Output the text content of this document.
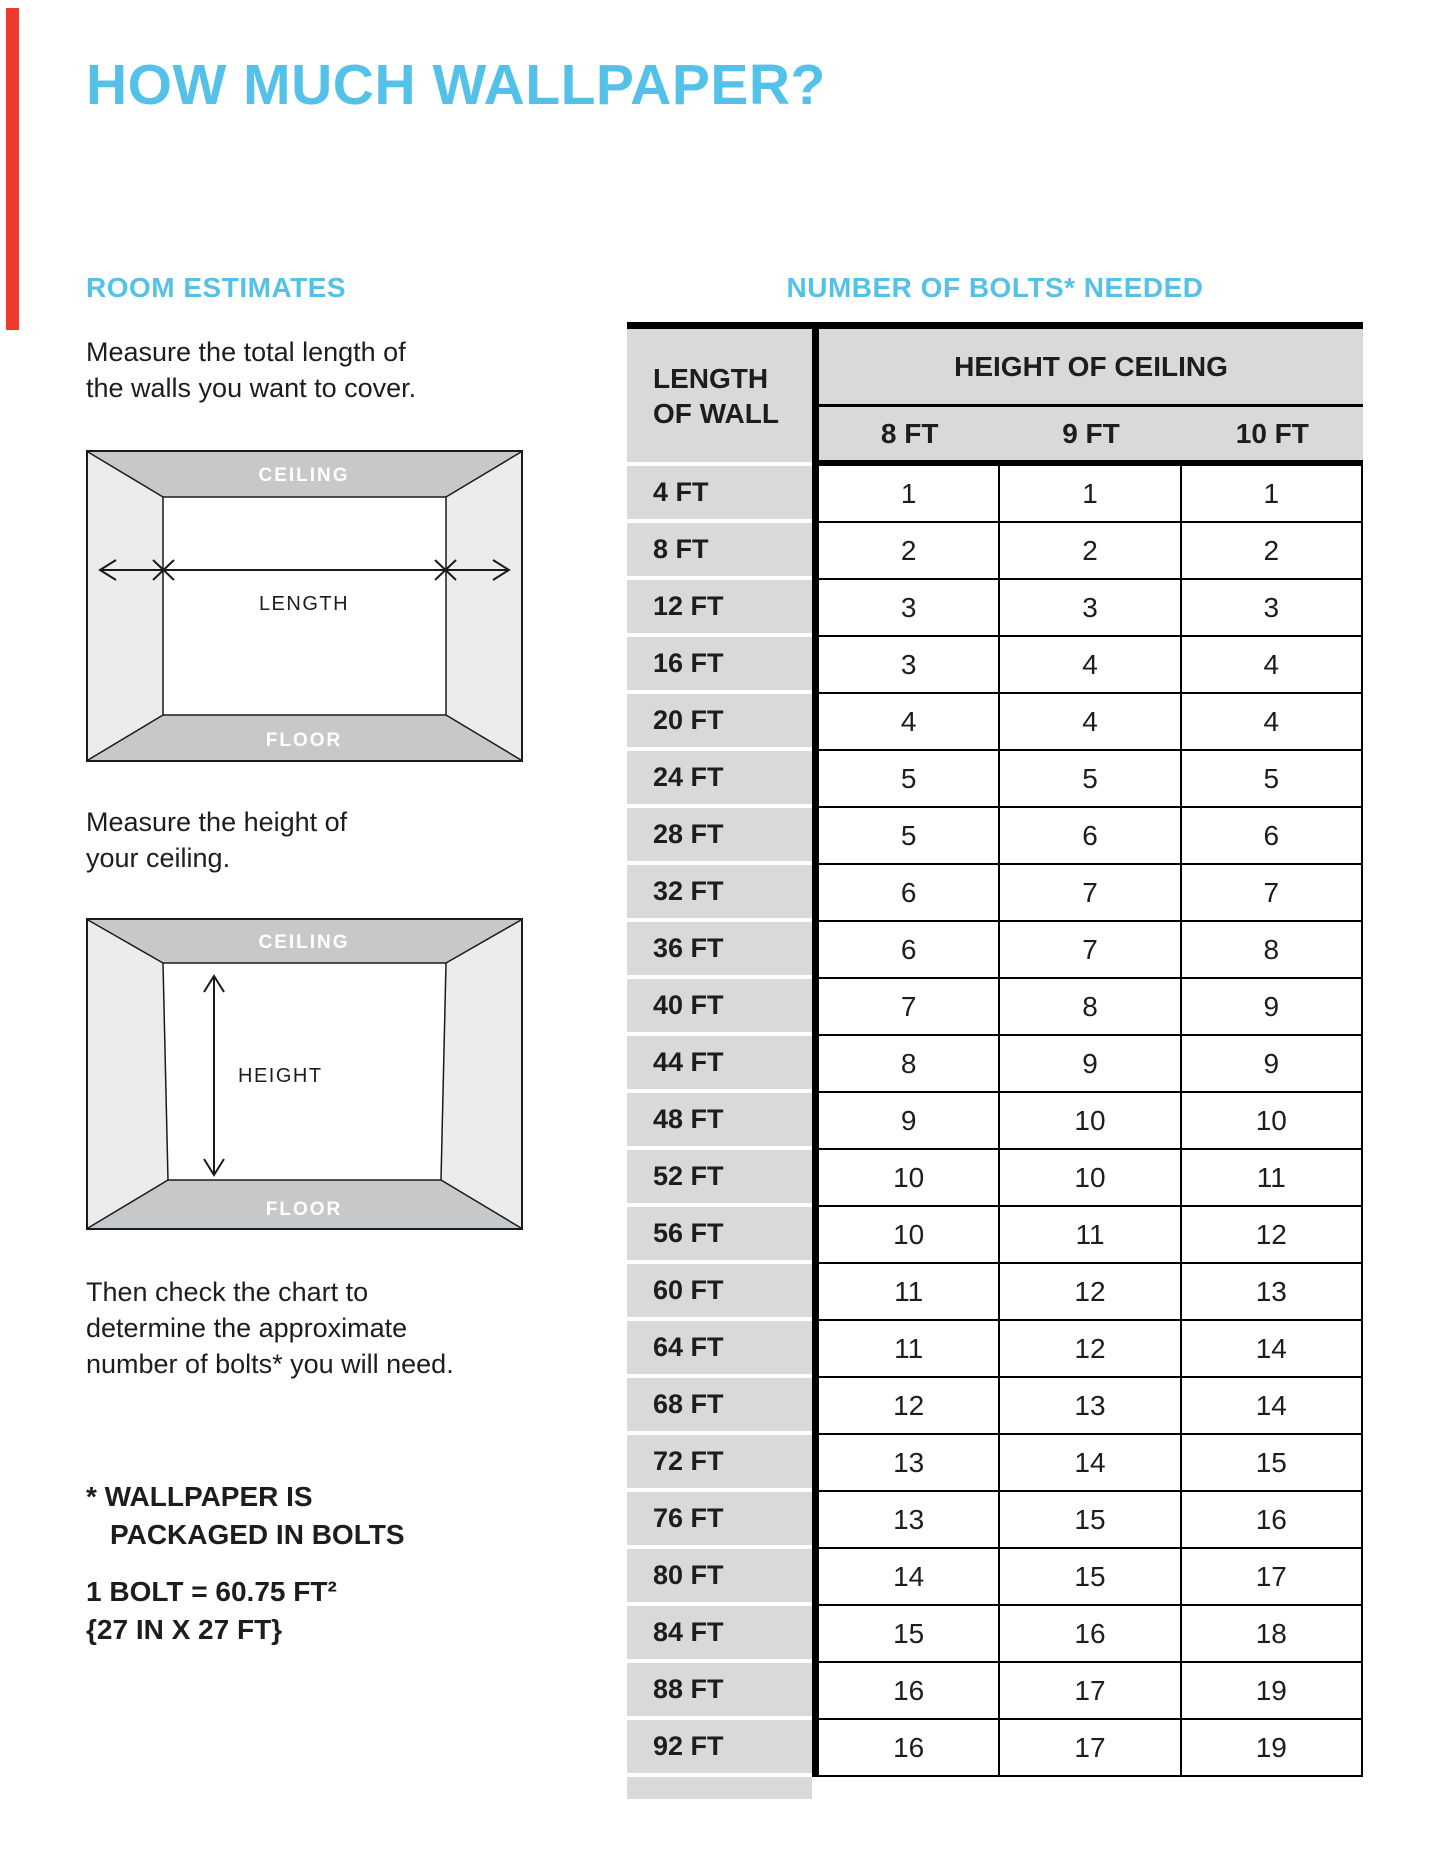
HOW MUCH WALLPAPER?
ROOM ESTIMATES

Measure the total length of
the walls you want to cover.

CEILING
FLOOR
LENGTH

Measure the height of
your ceiling.

CEILING
FLOOR
HEIGHT

Then check the chart to
determine the approximate
number of bolts* you will need.

* WALLPAPER IS
PACKAGED IN BOLTS
1 BOLT = 60.75 FT²
{27 IN X 27 FT}
NUMBER OF BOLTS* NEEDED
LENGTH
OF WALL
HEIGHT OF CEILING
8 FT	9 FT	10 FT
4 FT	1	1	1
8 FT	2	2	2
12 FT	3	3	3
16 FT	3	4	4
20 FT	4	4	4
24 FT	5	5	5
28 FT	5	6	6
32 FT	6	7	7
36 FT	6	7	8
40 FT	7	8	9
44 FT	8	9	9
48 FT	9	10	10
52 FT	10	10	11
56 FT	10	11	12
60 FT	11	12	13
64 FT	11	12	14
68 FT	12	13	14
72 FT	13	14	15
76 FT	13	15	16
80 FT	14	15	17
84 FT	15	16	18
88 FT	16	17	19
92 FT	16	17	19
